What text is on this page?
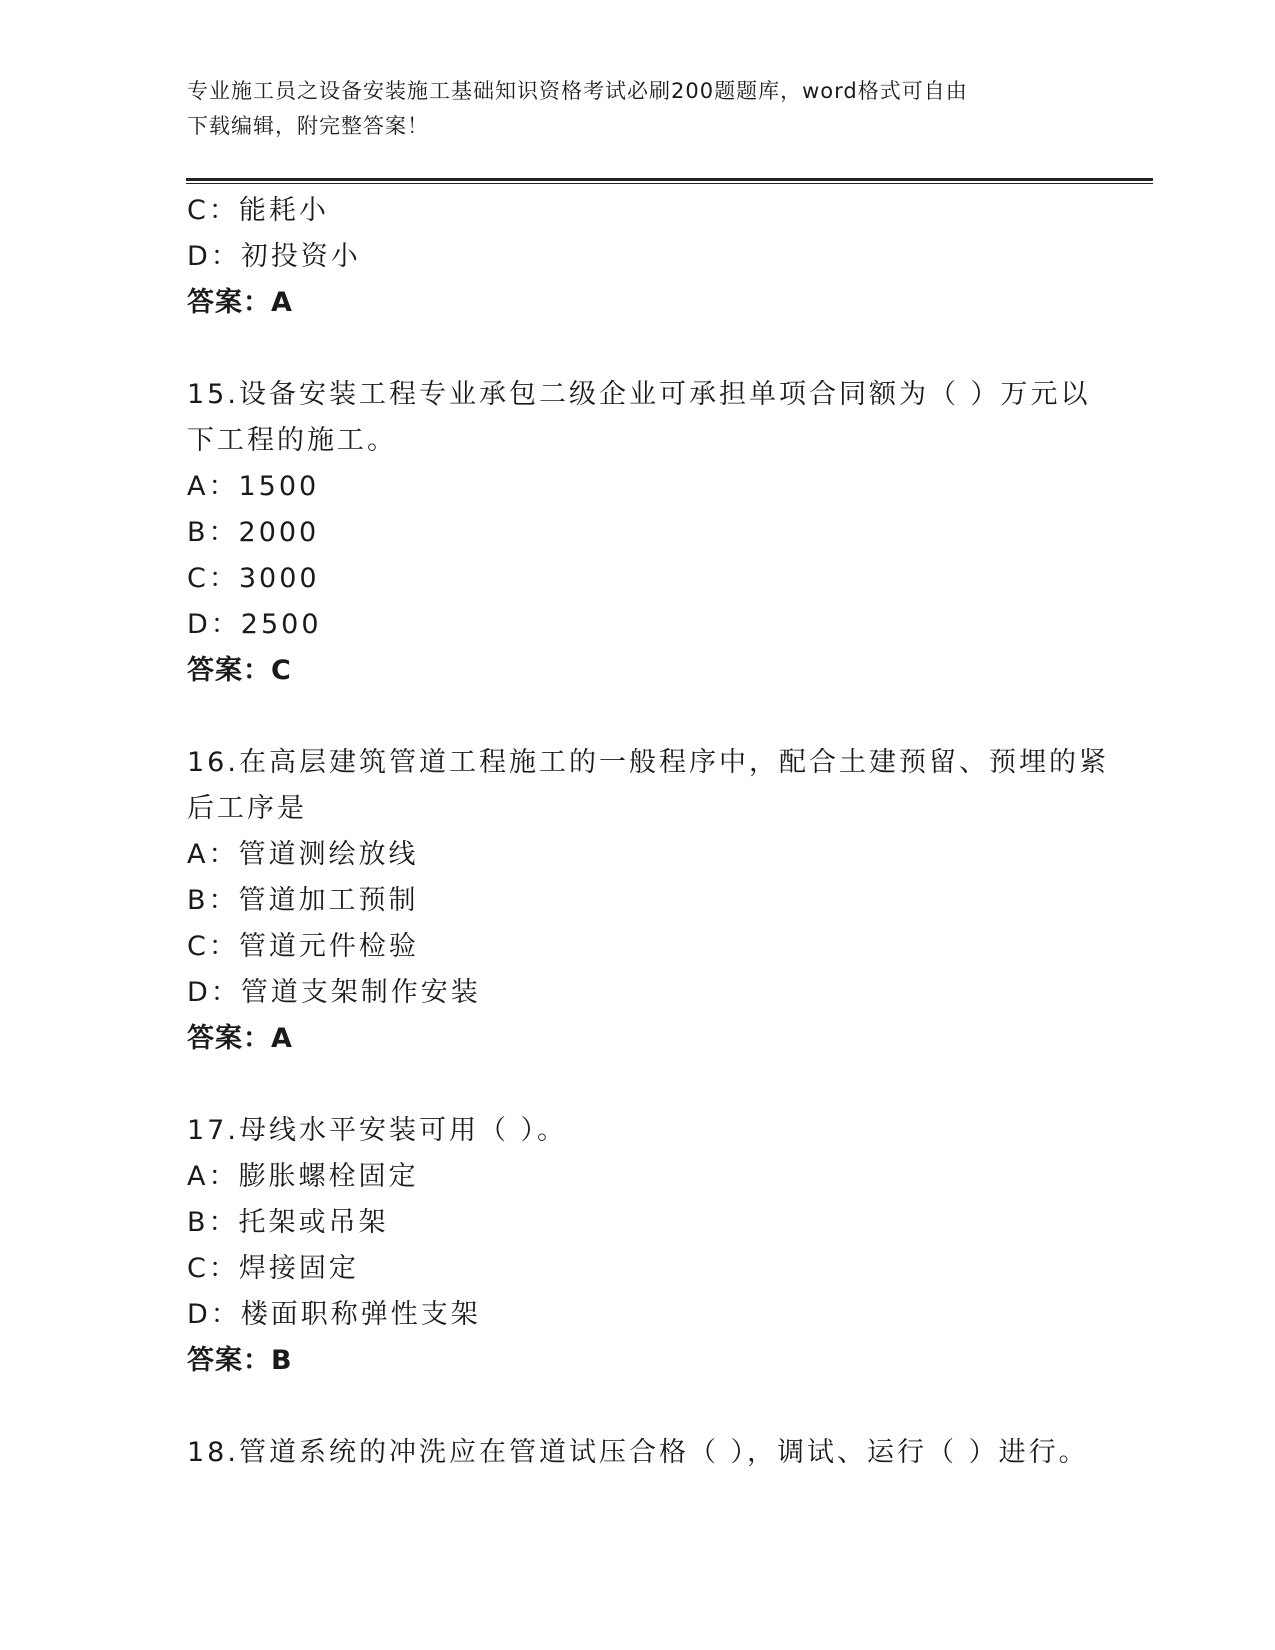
专业施工员之设备安装施工基础知识资格考试必刷200题题库，word格式可自由
下载编辑，附完整答案！
C：能耗小
D：初投资小
答案：A
15.设备安装工程专业承包二级企业可承担单项合同额为（ ）万元以
下工程的施工。
A：1500
B：2000
C：3000
D：2500
答案：C
16.在高层建筑管道工程施工的一般程序中，配合土建预留、预埋的紧
后工序是
A：管道测绘放线
B：管道加工预制
C：管道元件检验
D：管道支架制作安装
答案：A
17.母线水平安装可用（ ）。
A：膨胀螺栓固定
B：托架或吊架
C：焊接固定
D：楼面职称弹性支架
答案：B
18.管道系统的冲洗应在管道试压合格（ ），调试、运行（ ）进行。
